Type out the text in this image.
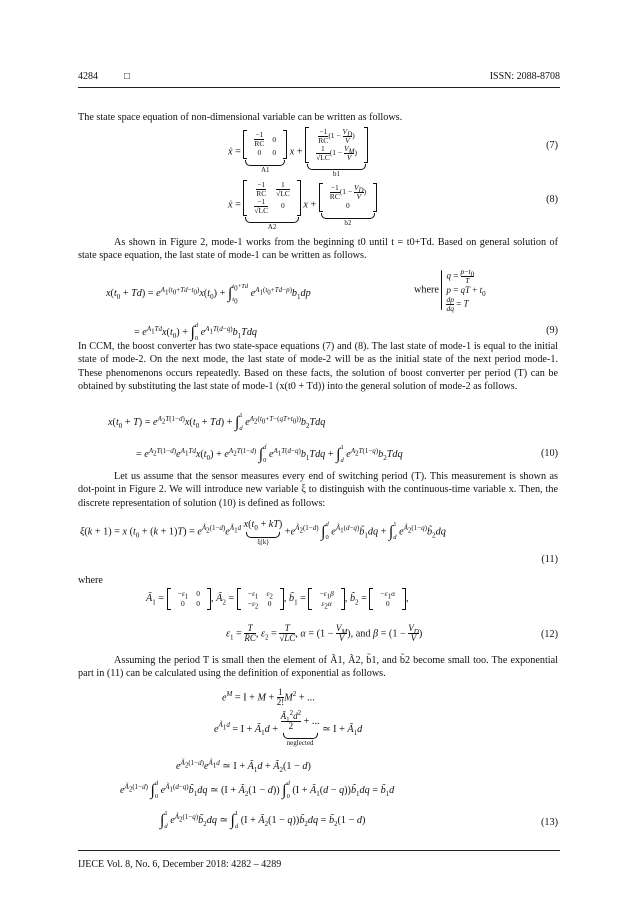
4284	□	ISSN: 2088-8708
The state space equation of non-dimensional variable can be written as follows.
ẋ =
$\frac{-1}{RC}$	0
0	0
A1
x +
$\frac{-1}{RC} (1 - \frac{V_D}{V}$ )

$\frac{1}{√LC} (1 - \frac{V_M}{V}$ )
b1
(7)
ẋ =
$\frac{-1}{RC}$	$\frac{1}{√LC}$

$\frac{-1}{√LC}$	0
A2
x +
$\frac{-1}{RC} (1 - \frac{V_D}{V}$ )
0
b2
(8)
As shown in Figure 2, mode-1 works from the beginning t0 until t = t0+Td. Based on general solution of state space equation, the last state of mode-1 can be written as follows.
$x(t_0 + Td) = e^{A_1(t_0+Td-t_0)}x(t_0)$ + ∫ $t_0+Td$

$t_0$
$e^{A_1(t_0+Td-p)}b_1dp$	where $q = \frac{p-t_0}{T}$

p = qT + $t_0$

$\frac{dp}{dq} = T$
= $e^{A_1Td}x(t_0)$ + ∫ d

0
$e^{A_1T(d-q)}b_1Tdq$	(9)
In CCM, the boost converter has two state-space equations (7) and (8). The last state of mode-1 is equal to the initial state of mode-2. On the next mode, the last state of mode-2 will be as the initial state of the next period mode-1. These phenomenons occurs repeatedly. Based on these facts, the solution of boost converter per period (T) can be obtained by substituting the last state of mode-1 (x(t0 + Td)) into the general solution of mode-2 as follows.
$x(t_0 + T) = e^{A_2T(1-d)}x(t_0 + Td)$ + ∫ 1

d
$e^{A_2(t_0+T-(qT+t_0))}b_2Tdq$
= $e^{A_2T(1-d)}e^{A_1Td}x(t_0) + e^{A_2T(1-d)}$ ∫ d

0
$e^{A_1T(d-q)}b_1Tdq$ + ∫ 1

d
$e^{A_2T(1-q)}b_2Tdq$	(10)
Let us assume that the sensor measures every end of switching period (T). This measurement is shown as dot-point in Figure 2. We will introduce new variable ξ to distinguish with the continuous-time variable x. Then, the discrete representation of solution (10) is defined as follows:
ξ(k + 1) = x $(t_0 + (k + 1)T) = e^{Ã_2(1-d)}e^{Ã_1d}$ $x(t_0 + kT)$
ξ(k)
$+e^{Ã_2(1-d)}$ ∫ d

0
$e^{Ã_1(d-q)}b̃_1dq$ + ∫ 1

d
$e^{Ã_2(1-q)}b̃_2dq$
(11)
where
$Ã_1 = -\varepsilon_1$	0
0	0 , $Ã_2 = -\varepsilon_1$	$\varepsilon_2$
$-\varepsilon_2$	0 , $b̃_1 = -\varepsilon_1\beta$
$\varepsilon_2\alpha$ , $b̃_2 = -\varepsilon_1\alpha$
0 ,
$\varepsilon_1 = \frac{T}{RC}$ , $\varepsilon_2 = \frac{T}{√LC}$ , $\alpha = (1 - \frac{V_M}{V}$ ), and $\beta = (1 - \frac{V_D}{V}$ )	(12)
Assuming the period T is small then the element of Ã1, Ã2, b̃1, and b̃2 become small too. The exponential part in (11) can be calculated using the definition of exponential as follows.
$e^M = I + M + \frac{1}{2!} M^2$ + ...
$e^{Ã_1d} = I$ + $Ã_1d + \frac{Ã_1^2d^2}{2}$ + ...
neglected
≃ $I + Ã_1d$
$e^{Ã_2(1-d)}e^{Ã_1d}$ ≃ $I + Ã_1d$ + $Ã_2(1 - d)$
$e^{Ã_2(1-d)}$ ∫ d

0
$e^{Ã_1(d-q)}b̃_1dq$ ≃ $(I + Ã_2(1 - d))$ ∫ d

0
($I + Ã_1(d$ − $q))b̃_1dq$ = $b̃_1d$
∫ 1

d
$e^{Ã_2(1-q)}b̃_2dq$ ≃ ∫ 1

d
($I + Ã_2(1$ − $q))b̃_2dq$ = $b̃_2(1 - d)$	(13)
IJECE Vol. 8, No. 6, December 2018: 4282 – 4289
